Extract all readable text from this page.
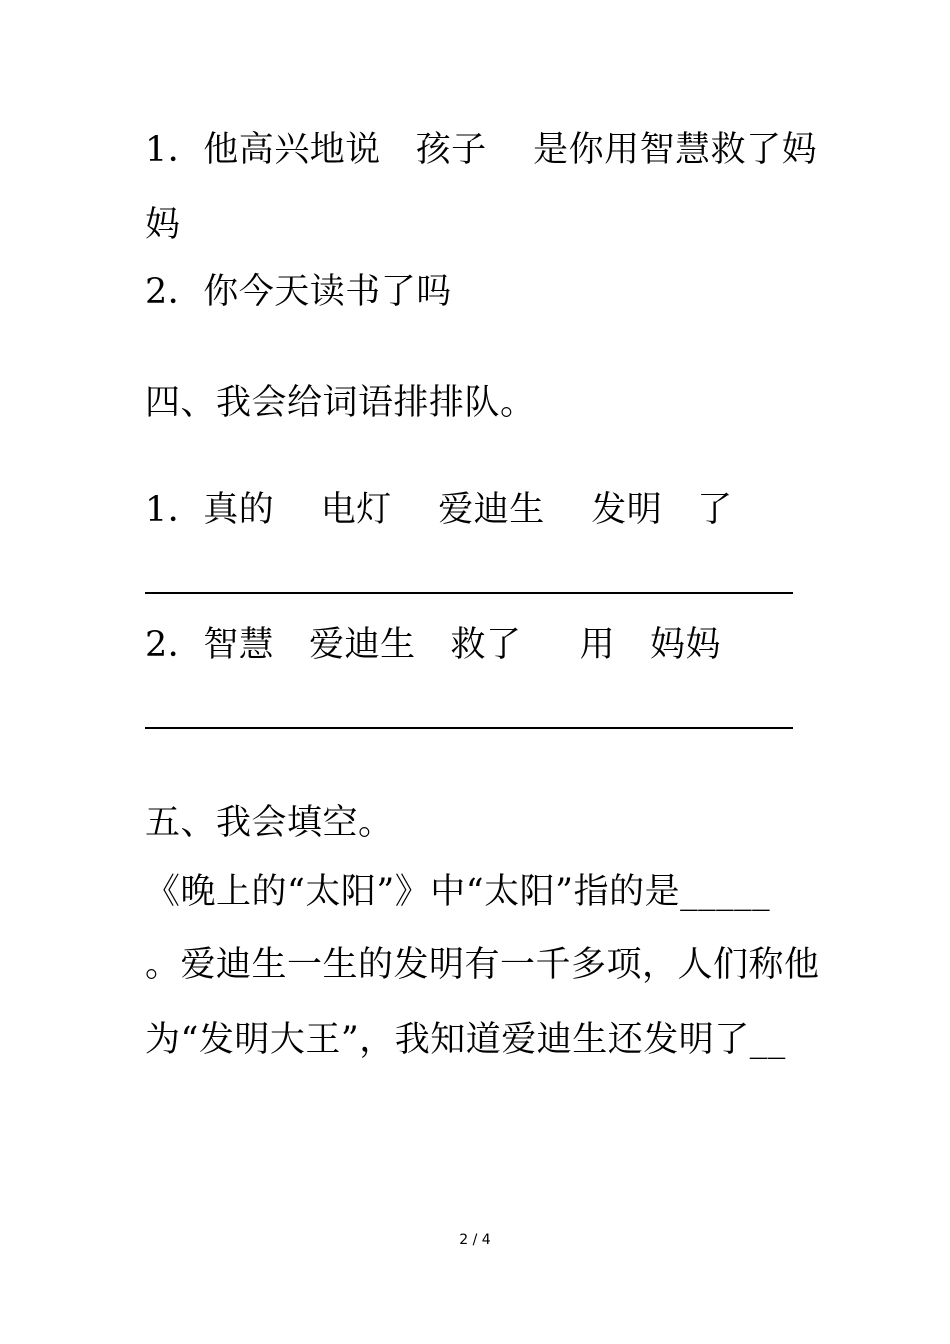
1．他高兴地说   孩子    是你用智慧救了妈
妈
2．你今天读书了吗
四、我会给词语排排队。
1．真的    电灯    爱迪生    发明   了
2．智慧   爱迪生   救了     用   妈妈
五、我会填空。
《晚上的“太阳”》中“太阳”指的是_____
。爱迪生一生的发明有一千多项，人们称他
为“发明大王”，我知道爱迪生还发明了__
2 / 4
